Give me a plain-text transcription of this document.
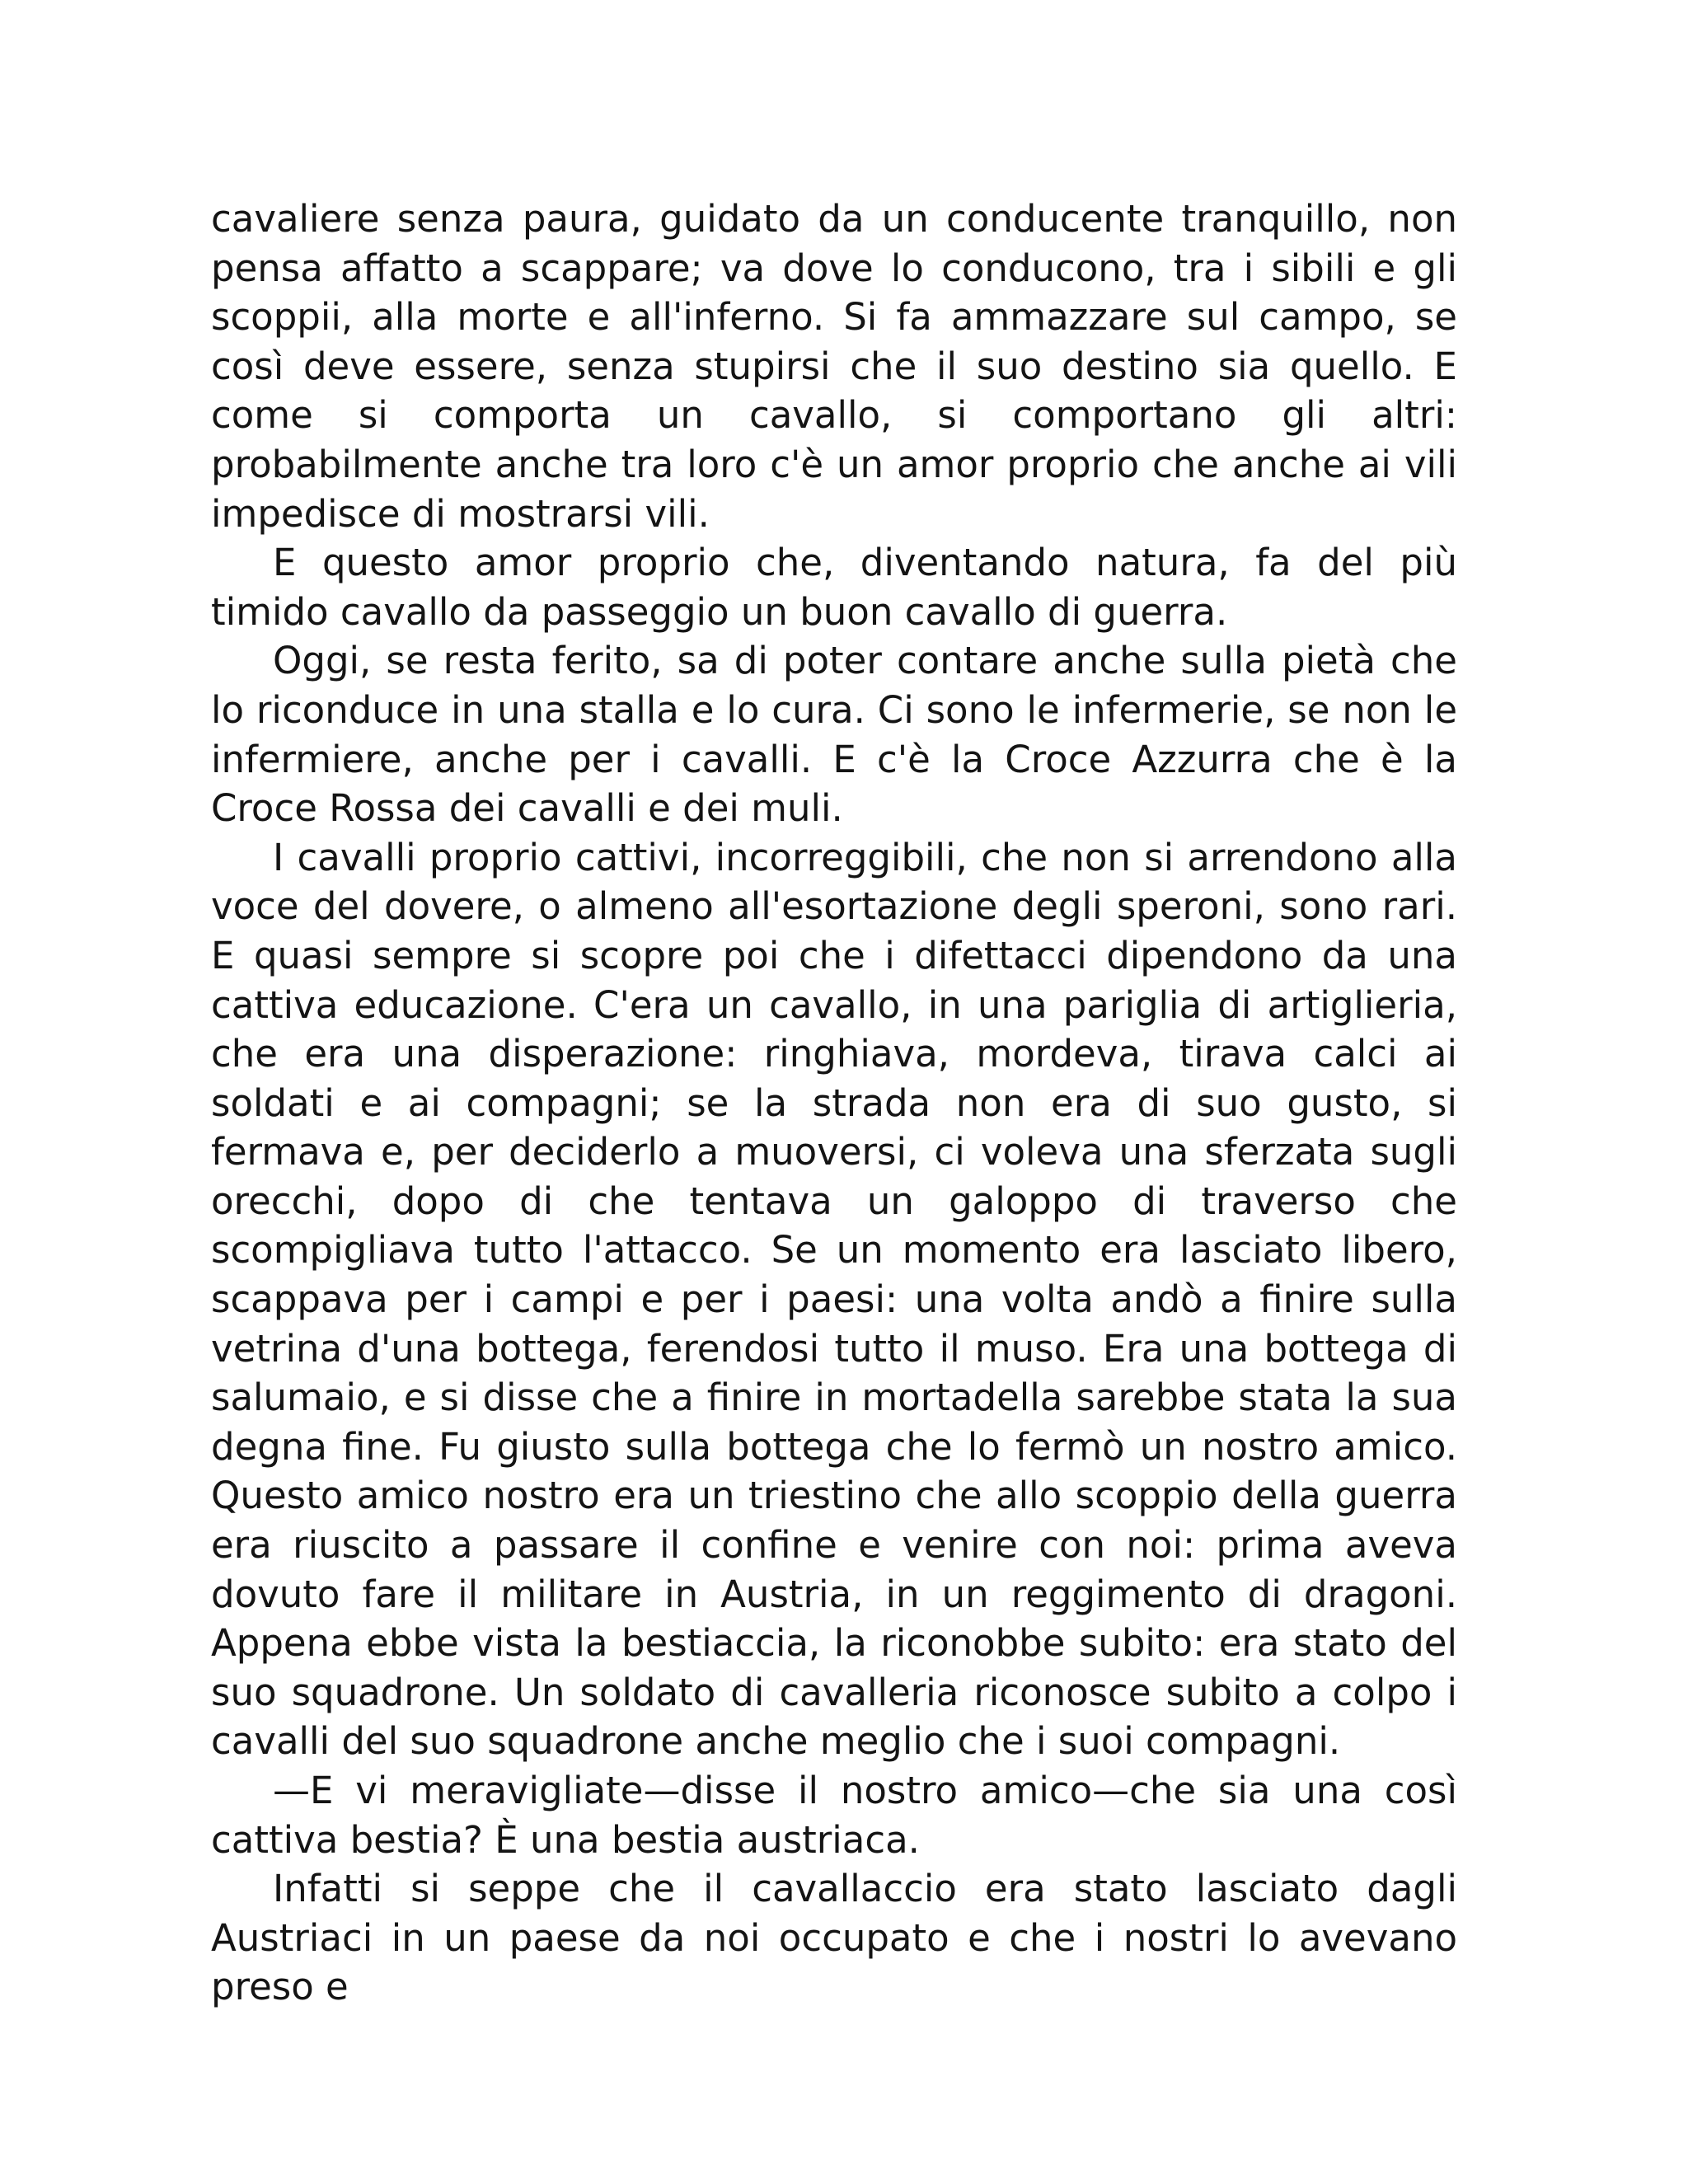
cavaliere senza paura, guidato da un conducente tranquillo, non pensa affatto a scappare; va dove lo conducono, tra i sibili e gli scoppii, alla morte e all'inferno. Si fa ammazzare sul campo, se così deve essere, senza stupirsi che il suo destino sia quello. E come si comporta un cavallo, si comportano gli altri: probabilmente anche tra loro c'è un amor proprio che anche ai vili impedisce di mostrarsi vili.

E questo amor proprio che, diventando natura, fa del più timido cavallo da passeggio un buon cavallo di guerra.

Oggi, se resta ferito, sa di poter contare anche sulla pietà che lo riconduce in una stalla e lo cura. Ci sono le infermerie, se non le infermiere, anche per i cavalli. E c'è la Croce Azzurra che è la Croce Rossa dei cavalli e dei muli.

I cavalli proprio cattivi, incorreggibili, che non si arrendono alla voce del dovere, o almeno all'esortazione degli speroni, sono rari. E quasi sempre si scopre poi che i difettacci dipendono da una cattiva educazione. C'era un cavallo, in una pariglia di artiglieria, che era una disperazione: ringhiava, mordeva, tirava calci ai soldati e ai compagni; se la strada non era di suo gusto, si fermava e, per deciderlo a muoversi, ci voleva una sferzata sugli orecchi, dopo di che tentava un galoppo di traverso che scompigliava tutto l'attacco. Se un momento era lasciato libero, scappava per i campi e per i paesi: una volta andò a finire sulla vetrina d'una bottega, ferendosi tutto il muso. Era una bottega di salumaio, e si disse che a finire in mortadella sarebbe stata la sua degna fine. Fu giusto sulla bottega che lo fermò un nostro amico. Questo amico nostro era un triestino che allo scoppio della guerra era riuscito a passare il confine e venire con noi: prima aveva dovuto fare il militare in Austria, in un reggimento di dragoni. Appena ebbe vista la bestiaccia, la riconobbe subito: era stato del suo squadrone. Un soldato di cavalleria riconosce subito a colpo i cavalli del suo squadrone anche meglio che i suoi compagni.

—E vi meravigliate—disse il nostro amico—che sia una così cattiva bestia? È una bestia austriaca.

Infatti si seppe che il cavallaccio era stato lasciato dagli Austriaci in un paese da noi occupato e che i nostri lo avevano preso e
